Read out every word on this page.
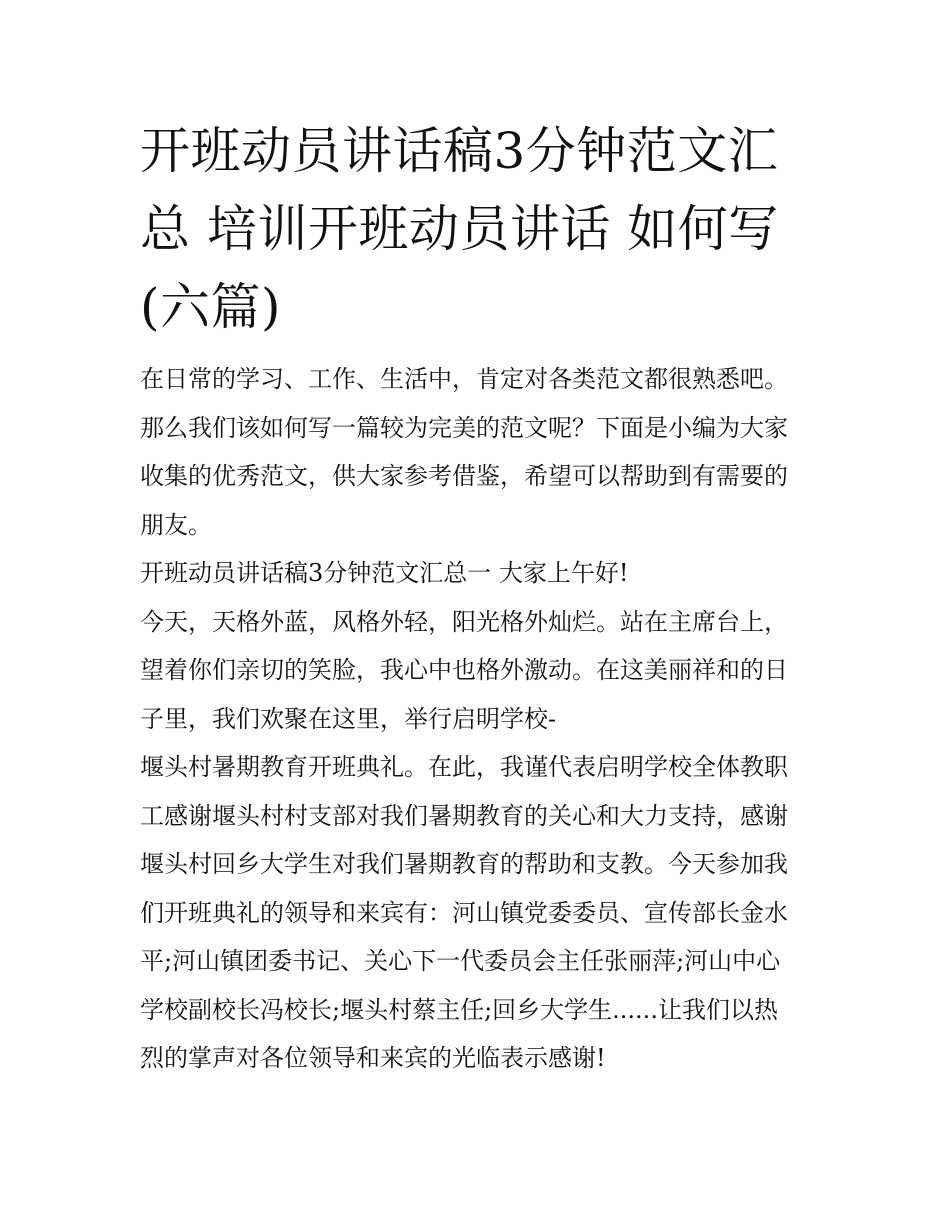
开班动员讲话稿3分钟范文汇
总 培训开班动员讲话 如何写
(六篇)
在日常的学习、工作、生活中，肯定对各类范文都很熟悉吧。
那么我们该如何写一篇较为完美的范文呢？下面是小编为大家
收集的优秀范文，供大家参考借鉴，希望可以帮助到有需要的
朋友。
开班动员讲话稿3分钟范文汇总一 大家上午好!
今天，天格外蓝，风格外轻，阳光格外灿烂。站在主席台上，
望着你们亲切的笑脸，我心中也格外激动。在这美丽祥和的日
子里，我们欢聚在这里，举行启明学校-
堰头村暑期教育开班典礼。在此，我谨代表启明学校全体教职
工感谢堰头村村支部对我们暑期教育的关心和大力支持，感谢
堰头村回乡大学生对我们暑期教育的帮助和支教。今天参加我
们开班典礼的领导和来宾有：河山镇党委委员、宣传部长金水
平;河山镇团委书记、关心下一代委员会主任张丽萍;河山中心
学校副校长冯校长;堰头村蔡主任;回乡大学生......让我们以热
烈的掌声对各位领导和来宾的光临表示感谢!
